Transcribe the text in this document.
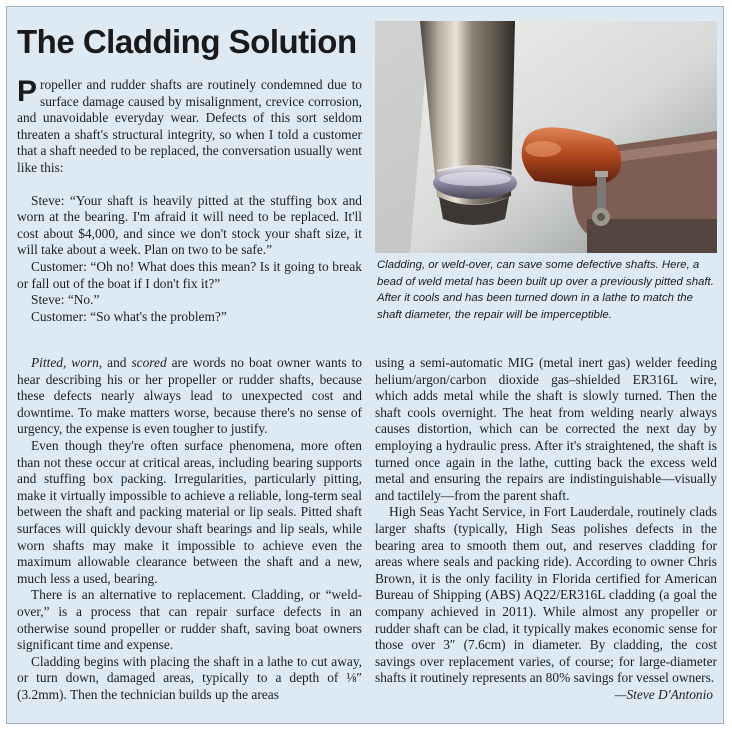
The Cladding Solution
Cladding, or weld-over, can save some defective shafts. Here, a bead of weld metal has been built up over a previously pitted shaft. After it cools and has been turned down in a lathe to match the shaft diameter, the repair will be imperceptible.

Propeller and rudder shafts are routinely condemned due to surface damage caused by misalignment, crevice corrosion, and unavoidable everyday wear. Defects of this sort seldom threaten a shaft's structural integrity, so when I told a customer that a shaft needed to be replaced, the conversation usually went like this:

Steve: “Your shaft is heavily pitted at the stuffing box and worn at the bearing. I'm afraid it will need to be replaced. It'll cost about $4,000, and since we don't stock your shaft size, it will take about a week. Plan on two to be safe.”

Customer: “Oh no! What does this mean? Is it going to break or fall out of the boat if I don't fix it?”

Steve: “No.”

Customer: “So what's the problem?”

Pitted, worn, and scored are words no boat owner wants to hear describing his or her propeller or rudder shafts, because these defects nearly always lead to unexpected cost and downtime. To make matters worse, because there's no sense of urgency, the expense is even tougher to justify.

Even though they're often surface phenomena, more often than not these occur at critical areas, including bearing supports and stuffing box packing. Irregularities, particularly pitting, make it virtually impossible to achieve a reliable, long-term seal between the shaft and packing material or lip seals. Pitted shaft surfaces will quickly devour shaft bearings and lip seals, while worn shafts may make it impossible to achieve even the maximum allowable clearance between the shaft and a new, much less a used, bearing.

There is an alternative to replacement. Cladding, or “weld-over,” is a process that can repair surface defects in an otherwise sound propeller or rudder shaft, saving boat owners significant time and expense.

Cladding begins with placing the shaft in a lathe to cut away, or turn down, damaged areas, typically to a depth of ⅛″ (3.2mm). Then the technician builds up the areas

using a semi-automatic MIG (metal inert gas) welder feeding helium/argon/carbon dioxide gas–shielded ER316L wire, which adds metal while the shaft is slowly turned. Then the shaft cools overnight. The heat from welding nearly always causes distortion, which can be corrected the next day by employing a hydraulic press. After it's straightened, the shaft is turned once again in the lathe, cutting back the excess weld metal and ensuring the repairs are indistinguishable—visually and tactilely—from the parent shaft.

High Seas Yacht Service, in Fort Lauderdale, routinely clads larger shafts (typically, High Seas polishes defects in the bearing area to smooth them out, and reserves cladding for areas where seals and packing ride). According to owner Chris Brown, it is the only facility in Florida certified for American Bureau of Shipping (ABS) AQ22/ER316L cladding (a goal the company achieved in 2011). While almost any propeller or rudder shaft can be clad, it typically makes economic sense for those over 3″ (7.6cm) in diameter. By cladding, the cost savings over replacement varies, of course; for large-diameter shafts it routinely represents an 80% savings for vessel owners.

—Steve D'Antonio
